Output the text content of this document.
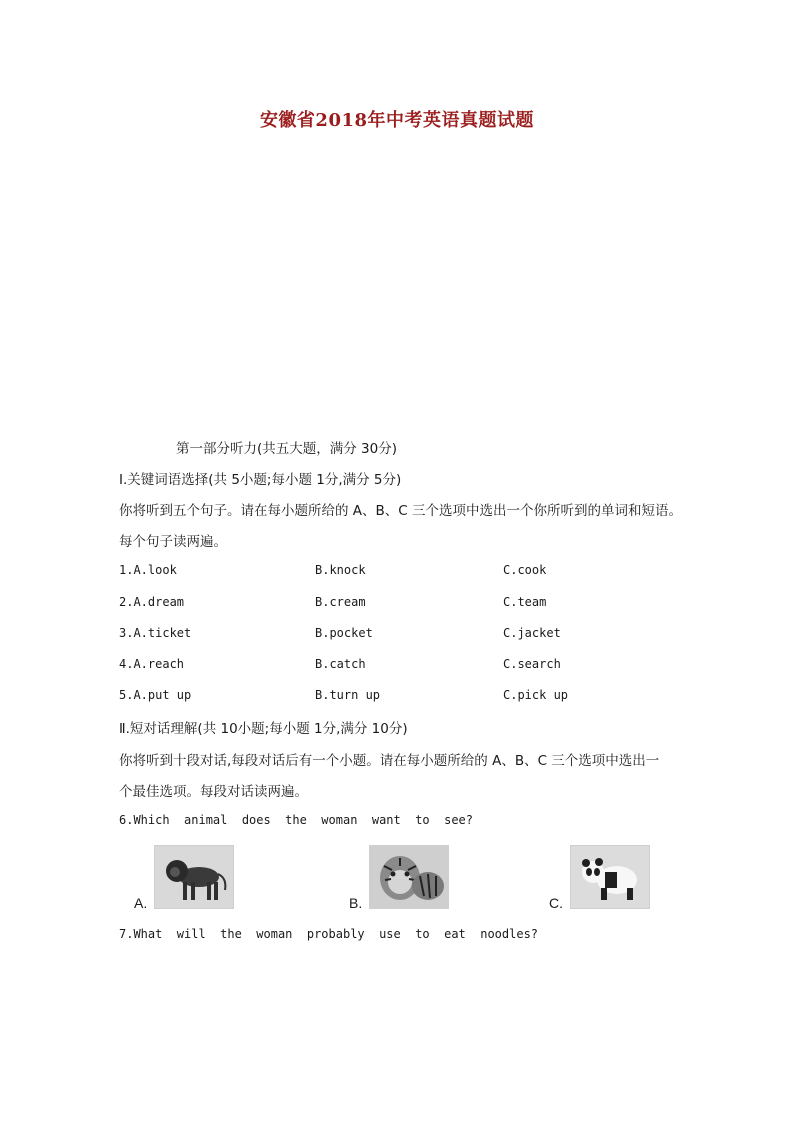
安徽省2018年中考英语真题试题
第一部分听力(共五大题，满分 30分)
I.关键词语选择(共 5小题;每小题 1分,满分 5分)
你将听到五个句子。请在每小题所给的 A、B、C 三个选项中选出一个你所听到的单词和短语。
每个句子读两遍。
1.A.look	B.knock	C.cook
2.A.dream	B.cream	C.team
3.A.ticket	B.pocket	C.jacket
4.A.reach	B.catch	C.search
5.A.put up	B.turn up	C.pick up
Ⅱ.短对话理解(共 10小题;每小题 1分,满分 10分)
你将听到十段对话,每段对话后有一个小题。请在每小题所给的 A、B、C 三个选项中选出一
个最佳选项。每段对话读两遍。
6.Which  animal  does  the  woman  want  to  see?
A.	B.	C.
7.What  will  the  woman  probably  use  to  eat  noodles?
